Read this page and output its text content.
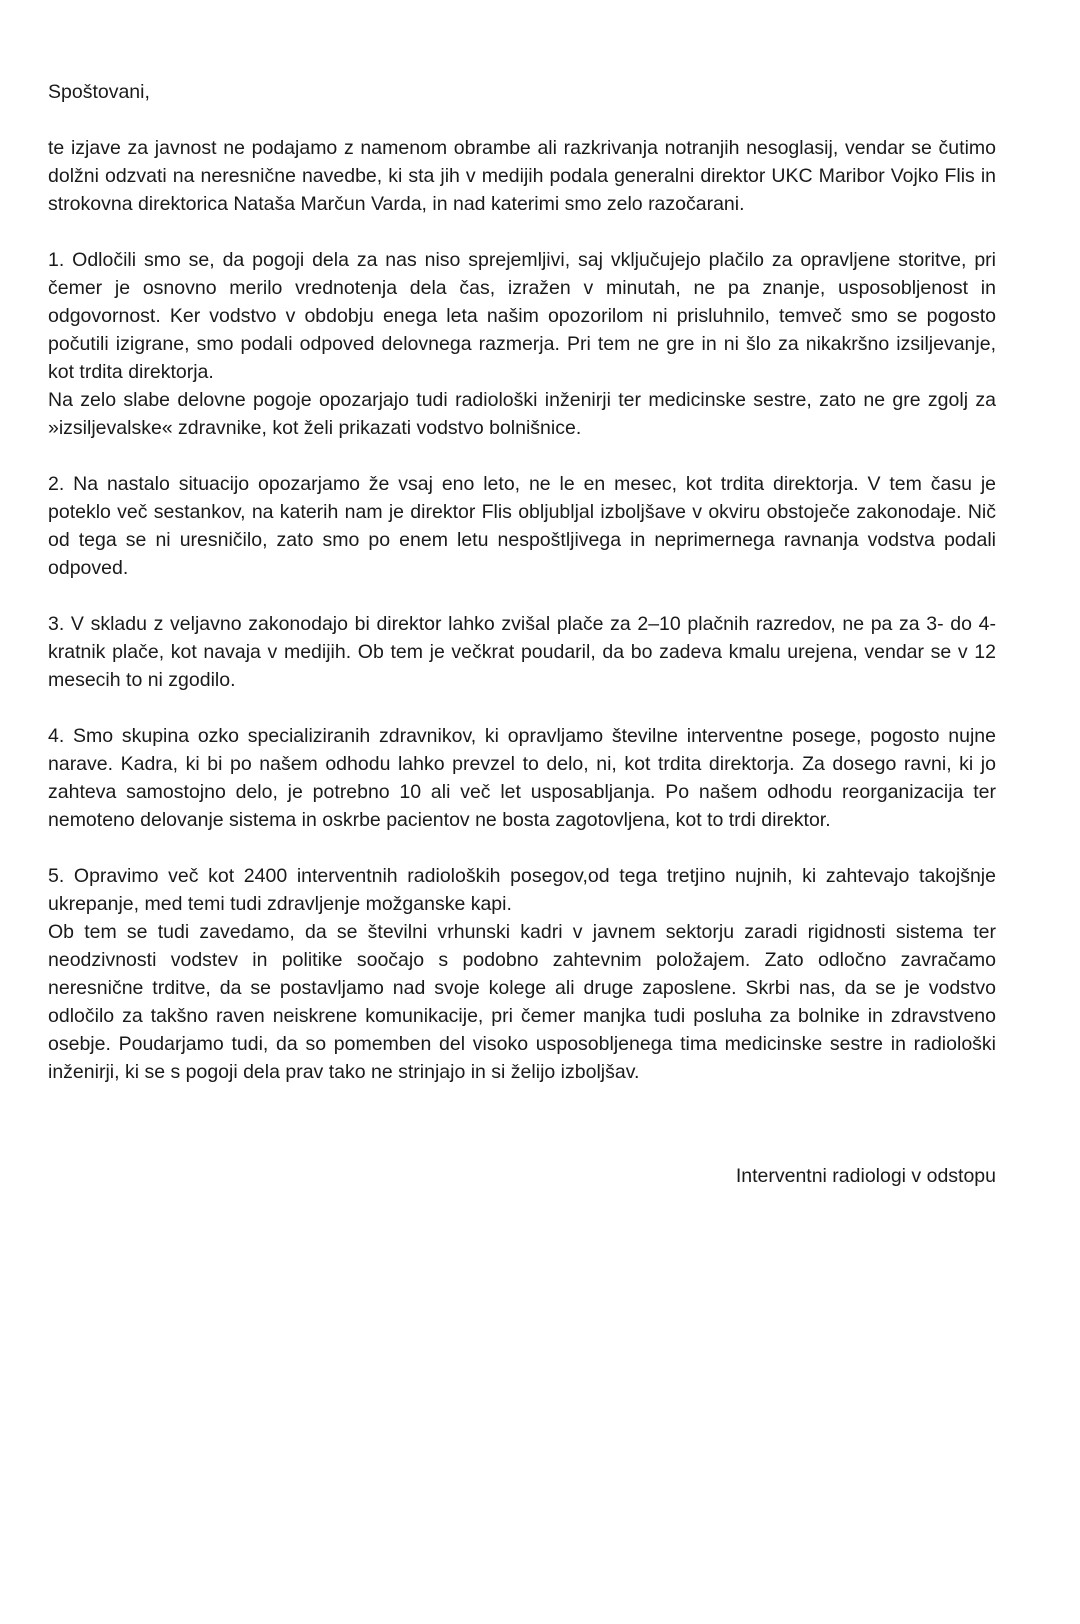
Spoštovani,

te izjave za javnost ne podajamo z namenom obrambe ali razkrivanja notranjih nesoglasij, vendar se čutimo dolžni odzvati na neresnične navedbe, ki sta jih v medijih podala generalni direktor UKC Maribor Vojko Flis in strokovna direktorica Nataša Marčun Varda, in nad katerimi smo zelo razočarani.

1. Odločili smo se, da pogoji dela za nas niso sprejemljivi, saj vključujejo plačilo za opravljene storitve, pri čemer je osnovno merilo vrednotenja dela čas, izražen v minutah, ne pa znanje, usposobljenost in odgovornost. Ker vodstvo v obdobju enega leta našim opozorilom ni prisluhnilo, temveč smo se pogosto počutili izigrane, smo podali odpoved delovnega razmerja. Pri tem ne gre in ni šlo za nikakršno izsiljevanje, kot trdita direktorja.

Na zelo slabe delovne pogoje opozarjajo tudi radiološki inženirji ter medicinske sestre, zato ne gre zgolj za »izsiljevalske« zdravnike, kot želi prikazati vodstvo bolnišnice.

2. Na nastalo situacijo opozarjamo že vsaj eno leto, ne le en mesec, kot trdita direktorja. V tem času je poteklo več sestankov, na katerih nam je direktor Flis obljubljal izboljšave v okviru obstoječe zakonodaje. Nič od tega se ni uresničilo, zato smo po enem letu nespoštljivega in neprimernega ravnanja vodstva podali odpoved.

3. V skladu z veljavno zakonodajo bi direktor lahko zvišal plače za 2–10 plačnih razredov, ne pa za 3- do 4-kratnik plače, kot navaja v medijih. Ob tem je večkrat poudaril, da bo zadeva kmalu urejena, vendar se v 12 mesecih to ni zgodilo.

4. Smo skupina ozko specializiranih zdravnikov, ki opravljamo številne interventne posege, pogosto nujne narave. Kadra, ki bi po našem odhodu lahko prevzel to delo, ni, kot trdita direktorja. Za dosego ravni, ki jo zahteva samostojno delo, je potrebno 10 ali več let usposabljanja. Po našem odhodu reorganizacija ter nemoteno delovanje sistema in oskrbe pacientov ne bosta zagotovljena, kot to trdi direktor.

5. Opravimo več kot 2400 interventnih radioloških posegov,od tega tretjino nujnih, ki zahtevajo takojšnje ukrepanje, med temi tudi zdravljenje možganske kapi.

Ob tem se tudi zavedamo, da se številni vrhunski kadri v javnem sektorju zaradi rigidnosti sistema ter neodzivnosti vodstev in politike soočajo s podobno zahtevnim položajem. Zato odločno zavračamo neresnične trditve, da se postavljamo nad svoje kolege ali druge zaposlene. Skrbi nas, da se je vodstvo odločilo za takšno raven neiskrene komunikacije, pri čemer manjka tudi posluha za bolnike in zdravstveno osebje. Poudarjamo tudi, da so pomemben del visoko usposobljenega tima medicinske sestre in radiološki inženirji, ki se s pogoji dela prav tako ne strinjajo in si želijo izboljšav.

Interventni radiologi v odstopu
